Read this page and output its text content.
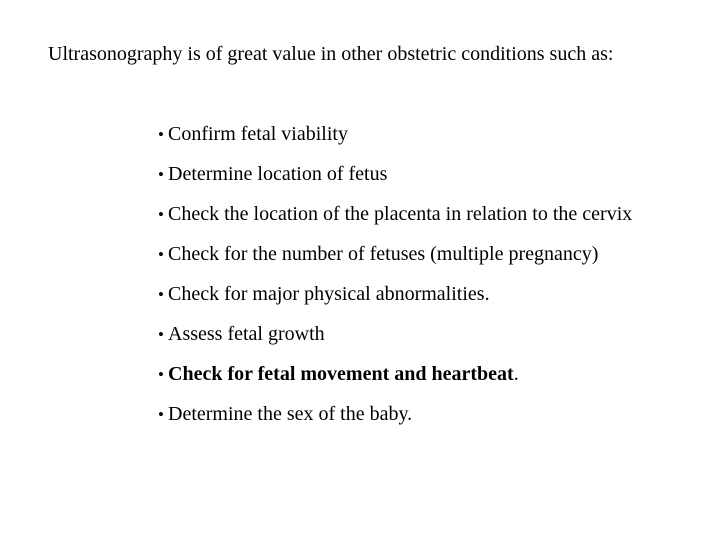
Ultrasonography is of great value in other obstetric conditions such as:
• Confirm fetal viability
• Determine location of fetus
• Check the location of the placenta in relation to the cervix
• Check for the number of fetuses (multiple pregnancy)
• Check for major physical abnormalities.
• Assess fetal growth
• Check for fetal movement and heartbeat.
• Determine the sex of the baby.
